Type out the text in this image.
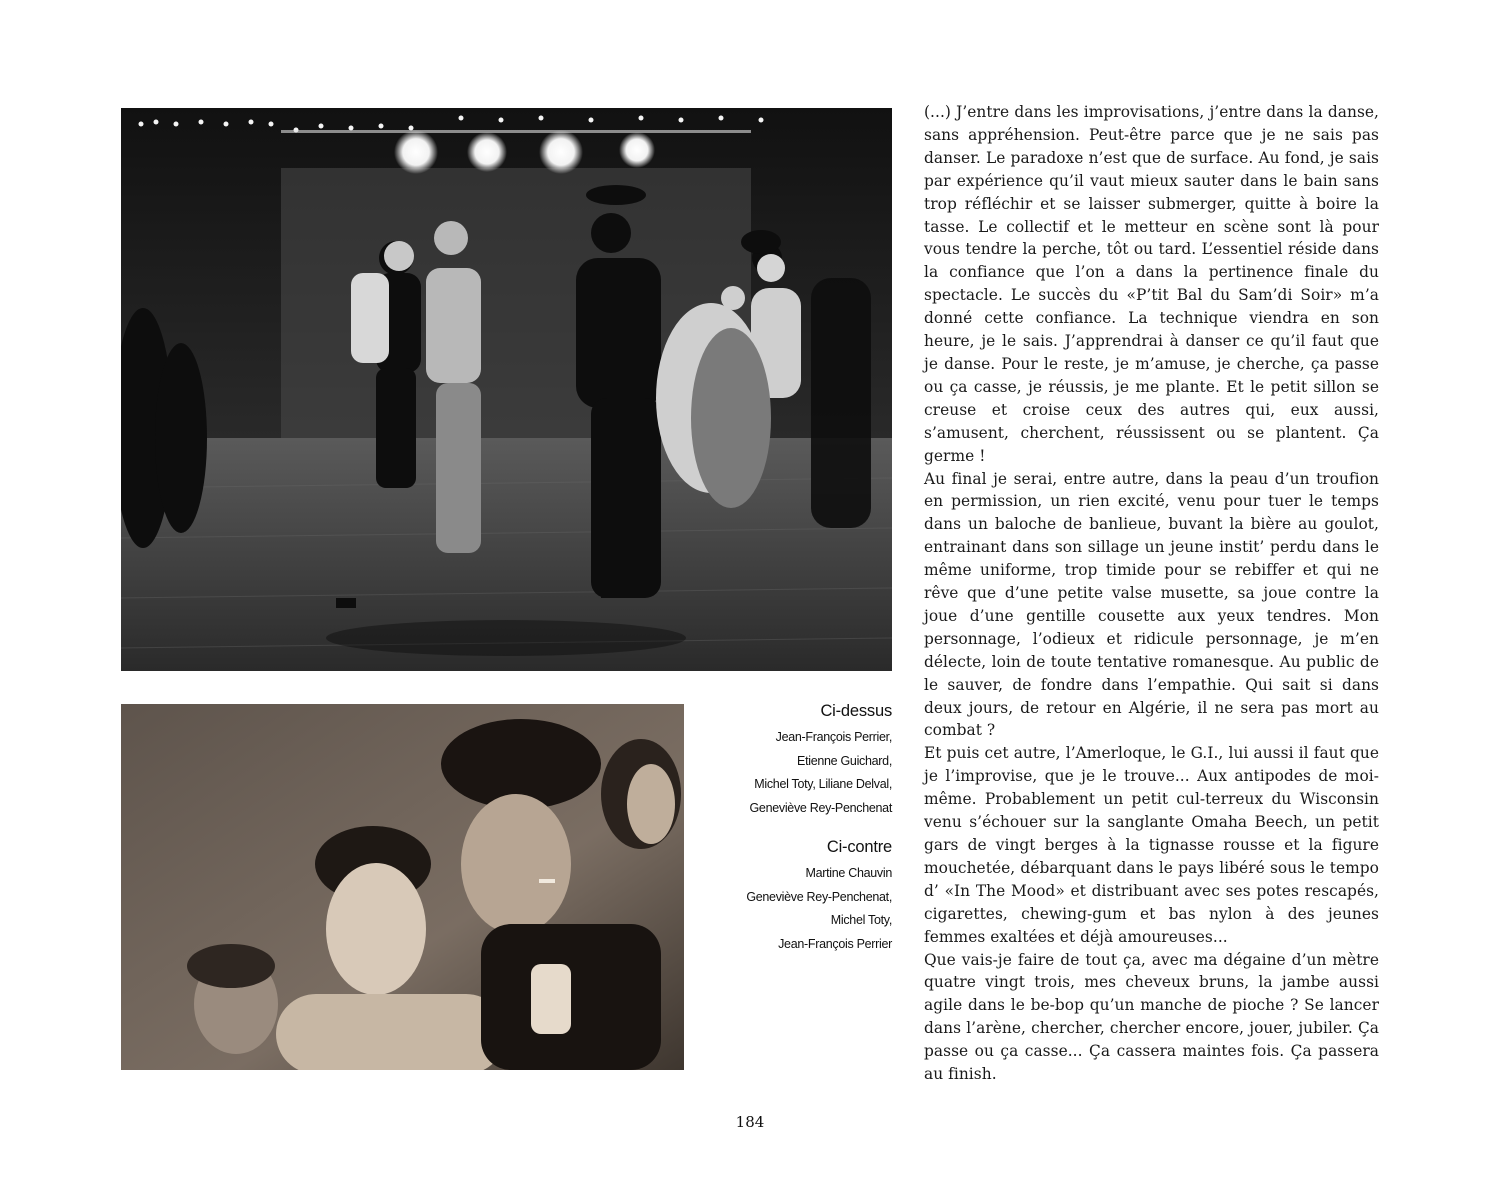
Ci-dessus
Jean-François Perrier,
Etienne Guichard,
Michel Toty, Liliane Delval,
Geneviève Rey-Penchenat
Ci-contre
Martine Chauvin
Geneviève Rey-Penchenat,
Michel Toty,
Jean-François Perrier

(...) J’entre dans les improvisations, j’entre dans la danse, sans appréhension. Peut-être parce que je ne sais pas danser. Le paradoxe n’est que de surface. Au fond, je sais par expérience qu’il vaut mieux sauter dans le bain sans trop réfléchir et se laisser submerger, quitte à boire la tasse. Le collectif et le metteur en scène sont là pour vous tendre la perche, tôt ou tard. L’essentiel réside dans la confiance que l’on a dans la pertinence finale du spectacle. Le succès du «P’tit Bal du Sam’di Soir» m’a donné cette confiance. La technique viendra en son heure, je le sais. J’apprendrai à danser ce qu’il faut que je danse. Pour le reste, je m’amuse, je cherche, ça passe ou ça casse, je réussis, je me plante. Et le petit sillon se creuse et croise ceux des autres qui, eux aussi, s’amusent, cherchent, réussissent ou se plantent. Ça germe !

Au final je serai, entre autre, dans la peau d’un troufion en permission, un rien excité, venu pour tuer le temps dans un baloche de banlieue, buvant la bière au goulot, entrainant dans son sillage un jeune instit’ perdu dans le même uniforme, trop timide pour se rebiffer et qui ne rêve que d’une petite valse musette, sa joue contre la joue d’une gentille cousette aux yeux tendres. Mon personnage, l’odieux et ridicule personnage, je m’en délecte, loin de toute tentative romanesque. Au public de le sauver, de fondre dans l’empathie. Qui sait si dans deux jours, de retour en Algérie, il ne sera pas mort au combat ?

Et puis cet autre, l’Amerloque, le G.I., lui aussi il faut que je l’improvise, que je le trouve... Aux antipodes de moi-même. Probablement un petit cul-terreux du Wisconsin venu s’échouer sur la sanglante Omaha Beech, un petit gars de vingt berges à la tignasse rousse et la figure mouchetée, débarquant dans le pays libéré sous le tempo d’ «In The Mood» et distribuant avec ses potes rescapés, cigarettes, chewing-gum et bas nylon à des jeunes femmes exaltées et déjà amoureuses...

Que vais-je faire de tout ça, avec ma dégaine d’un mètre quatre vingt trois, mes cheveux bruns, la jambe aussi agile dans le be-bop qu’un manche de pioche ? Se lancer dans l’arène, chercher, chercher encore, jouer, jubiler. Ça passe ou ça casse... Ça cassera maintes fois. Ça passera au finish.

184
